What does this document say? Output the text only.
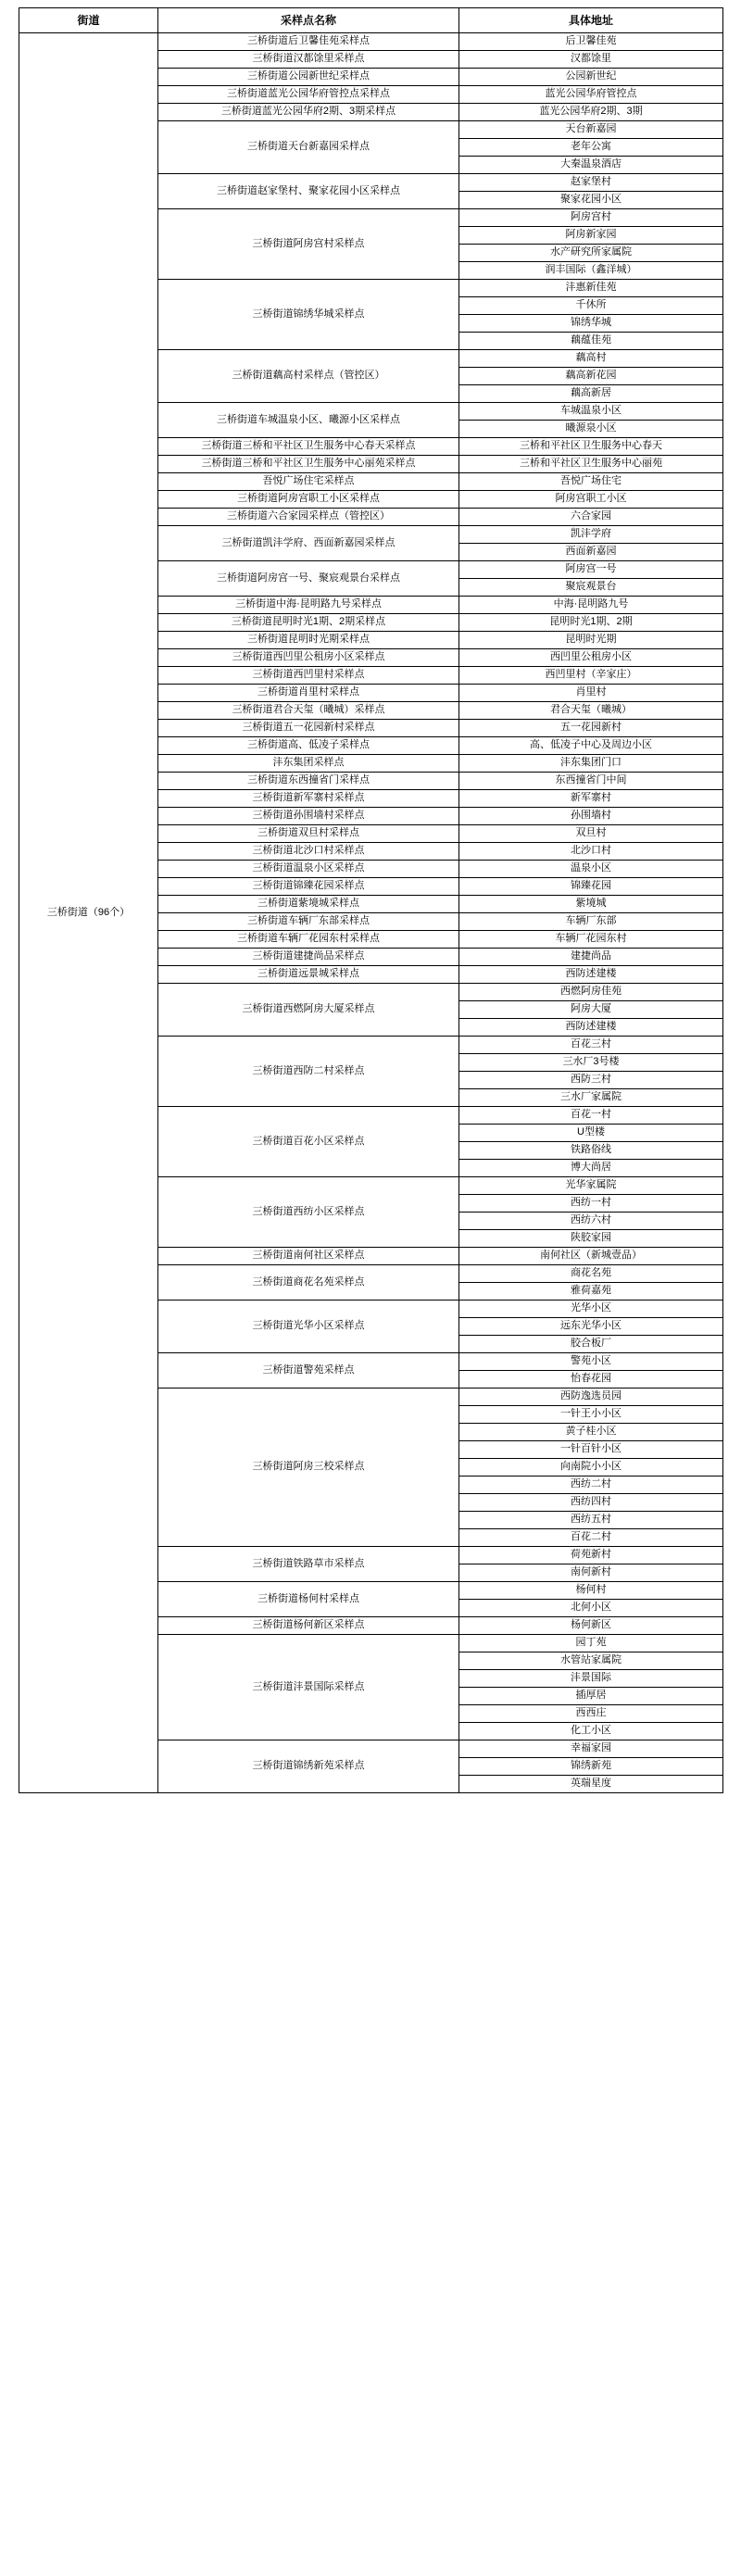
街道	采样点名称	具体地址
三桥街道（96个）	三桥街道后卫馨佳苑采样点	后卫馨佳苑
	三桥街道汉都馀里采样点	汉都馀里
	三桥街道公园新世纪采样点	公园新世纪
	三桥街道蓝光公园华府管控点采样点	蓝光公园华府管控点
	三桥街道蓝光公园华府2期、3期采样点	蓝光公园华府2期、3期
	三桥街道天台新嘉园采样点	天台新嘉园
		老年公寓
		大秦温泉酒店
	三桥街道赵家堡村、聚家花园小区采样点	赵家堡村
		聚家花园小区
	三桥街道阿房宫村采样点	阿房宫村
		阿房新家园
		水产研究所家属院
		润丰国际（鑫洋城）
	三桥街道锦绣华城采样点	沣惠新佳苑
		千休所
		锦绣华城
		藕蕴佳苑
	三桥街道藕高村采样点（管控区）	藕高村
		藕高新花园
		藕高新居
	三桥街道车城温泉小区、曦源小区采样点	车城温泉小区
		曦源泉小区
	三桥街道三桥和平社区卫生服务中心春天采样点	三桥和平社区卫生服务中心春天
	三桥街道三桥和平社区卫生服务中心丽苑采样点	三桥和平社区卫生服务中心丽苑
	吾悦广场住宅采样点	吾悦广场住宅
	三桥街道阿房宫职工小区采样点	阿房宫职工小区
	三桥街道六合家园采样点（管控区）	六合家园
	三桥街道凯沣学府、西面新嘉园采样点	凯沣学府
		西面新嘉园
	三桥街道阿房宫一号、聚宸观景台采样点	阿房宫一号
		聚宸观景台
	三桥街道中海·昆明路九号采样点	中海·昆明路九号
	三桥街道昆明时光1期、2期采样点	昆明时光1期、2期
	三桥街道昆明时光期采样点	昆明时光期
	三桥街道西凹里公租房小区采样点	西凹里公租房小区
	三桥街道西凹里村采样点	西凹里村（辛家庄）
	三桥街道肖里村采样点	肖里村
	三桥街道君合天玺（曦城）采样点	君合天玺（曦城）
	三桥街道五一花园新村采样点	五一花园新村
	三桥街道高、低凌子采样点	高、低凌子中心及周边小区
	沣东集团采样点	沣东集团门口
	三桥街道东西撞省门采样点	东西撞省门中间
	三桥街道新军寨村采样点	新军寨村
	三桥街道孙围墙村采样点	孙围墙村
	三桥街道双旦村采样点	双旦村
	三桥街道北沙口村采样点	北沙口村
	三桥街道温泉小区采样点	温泉小区
	三桥街道锦臻花园采样点	锦臻花园
	三桥街道紫境城采样点	紫境城
	三桥街道车辆厂东部采样点	车辆厂东部
	三桥街道车辆厂花园东村采样点	车辆厂花园东村
	三桥街道建捷尚品采样点	建捷尚品
	三桥街道远景城采样点	西防述建楼
	三桥街道西燃阿房大厦采样点	西燃阿房佳苑
		阿房大厦
		西防述建楼
	三桥街道西防二村采样点	百花三村
		三水厂3号楼
		西防三村
		三水厂家属院
	三桥街道百花小区采样点	百花一村
		U型楼
		铁路俗线
		博大尚居
	三桥街道西纺小区采样点	光华家属院
		西纺一村
		西纺六村
		陕胶家园
	三桥街道南何社区采样点	南何社区（新城壹品）
	三桥街道商花名苑采样点	商花名苑
		雅荷嘉苑
	三桥街道光华小区采样点	光华小区
		远东光华小区
		胶合板厂
	三桥街道警苑采样点	警苑小区
		怡春花园
	三桥街道阿房三校采样点	西防逸选员园
		一针王小小区
		黄子桂小区
		一针百针小区
		向南院小小区
		西纺二村
		西纺四村
		西纺五村
		百花二村
	三桥街道铁路草市采样点	荷苑新村
		南何新村
	三桥街道杨何村采样点	杨何村
		北何小区
	三桥街道杨何新区采样点	杨何新区
	三桥街道沣景国际采样点	园丁苑
		水管站家属院
		沣景国际
		插厚居
		西西庄
		化工小区
	三桥街道锦绣新苑采样点	幸福家园
		锦绣新苑
		英瑞星度
